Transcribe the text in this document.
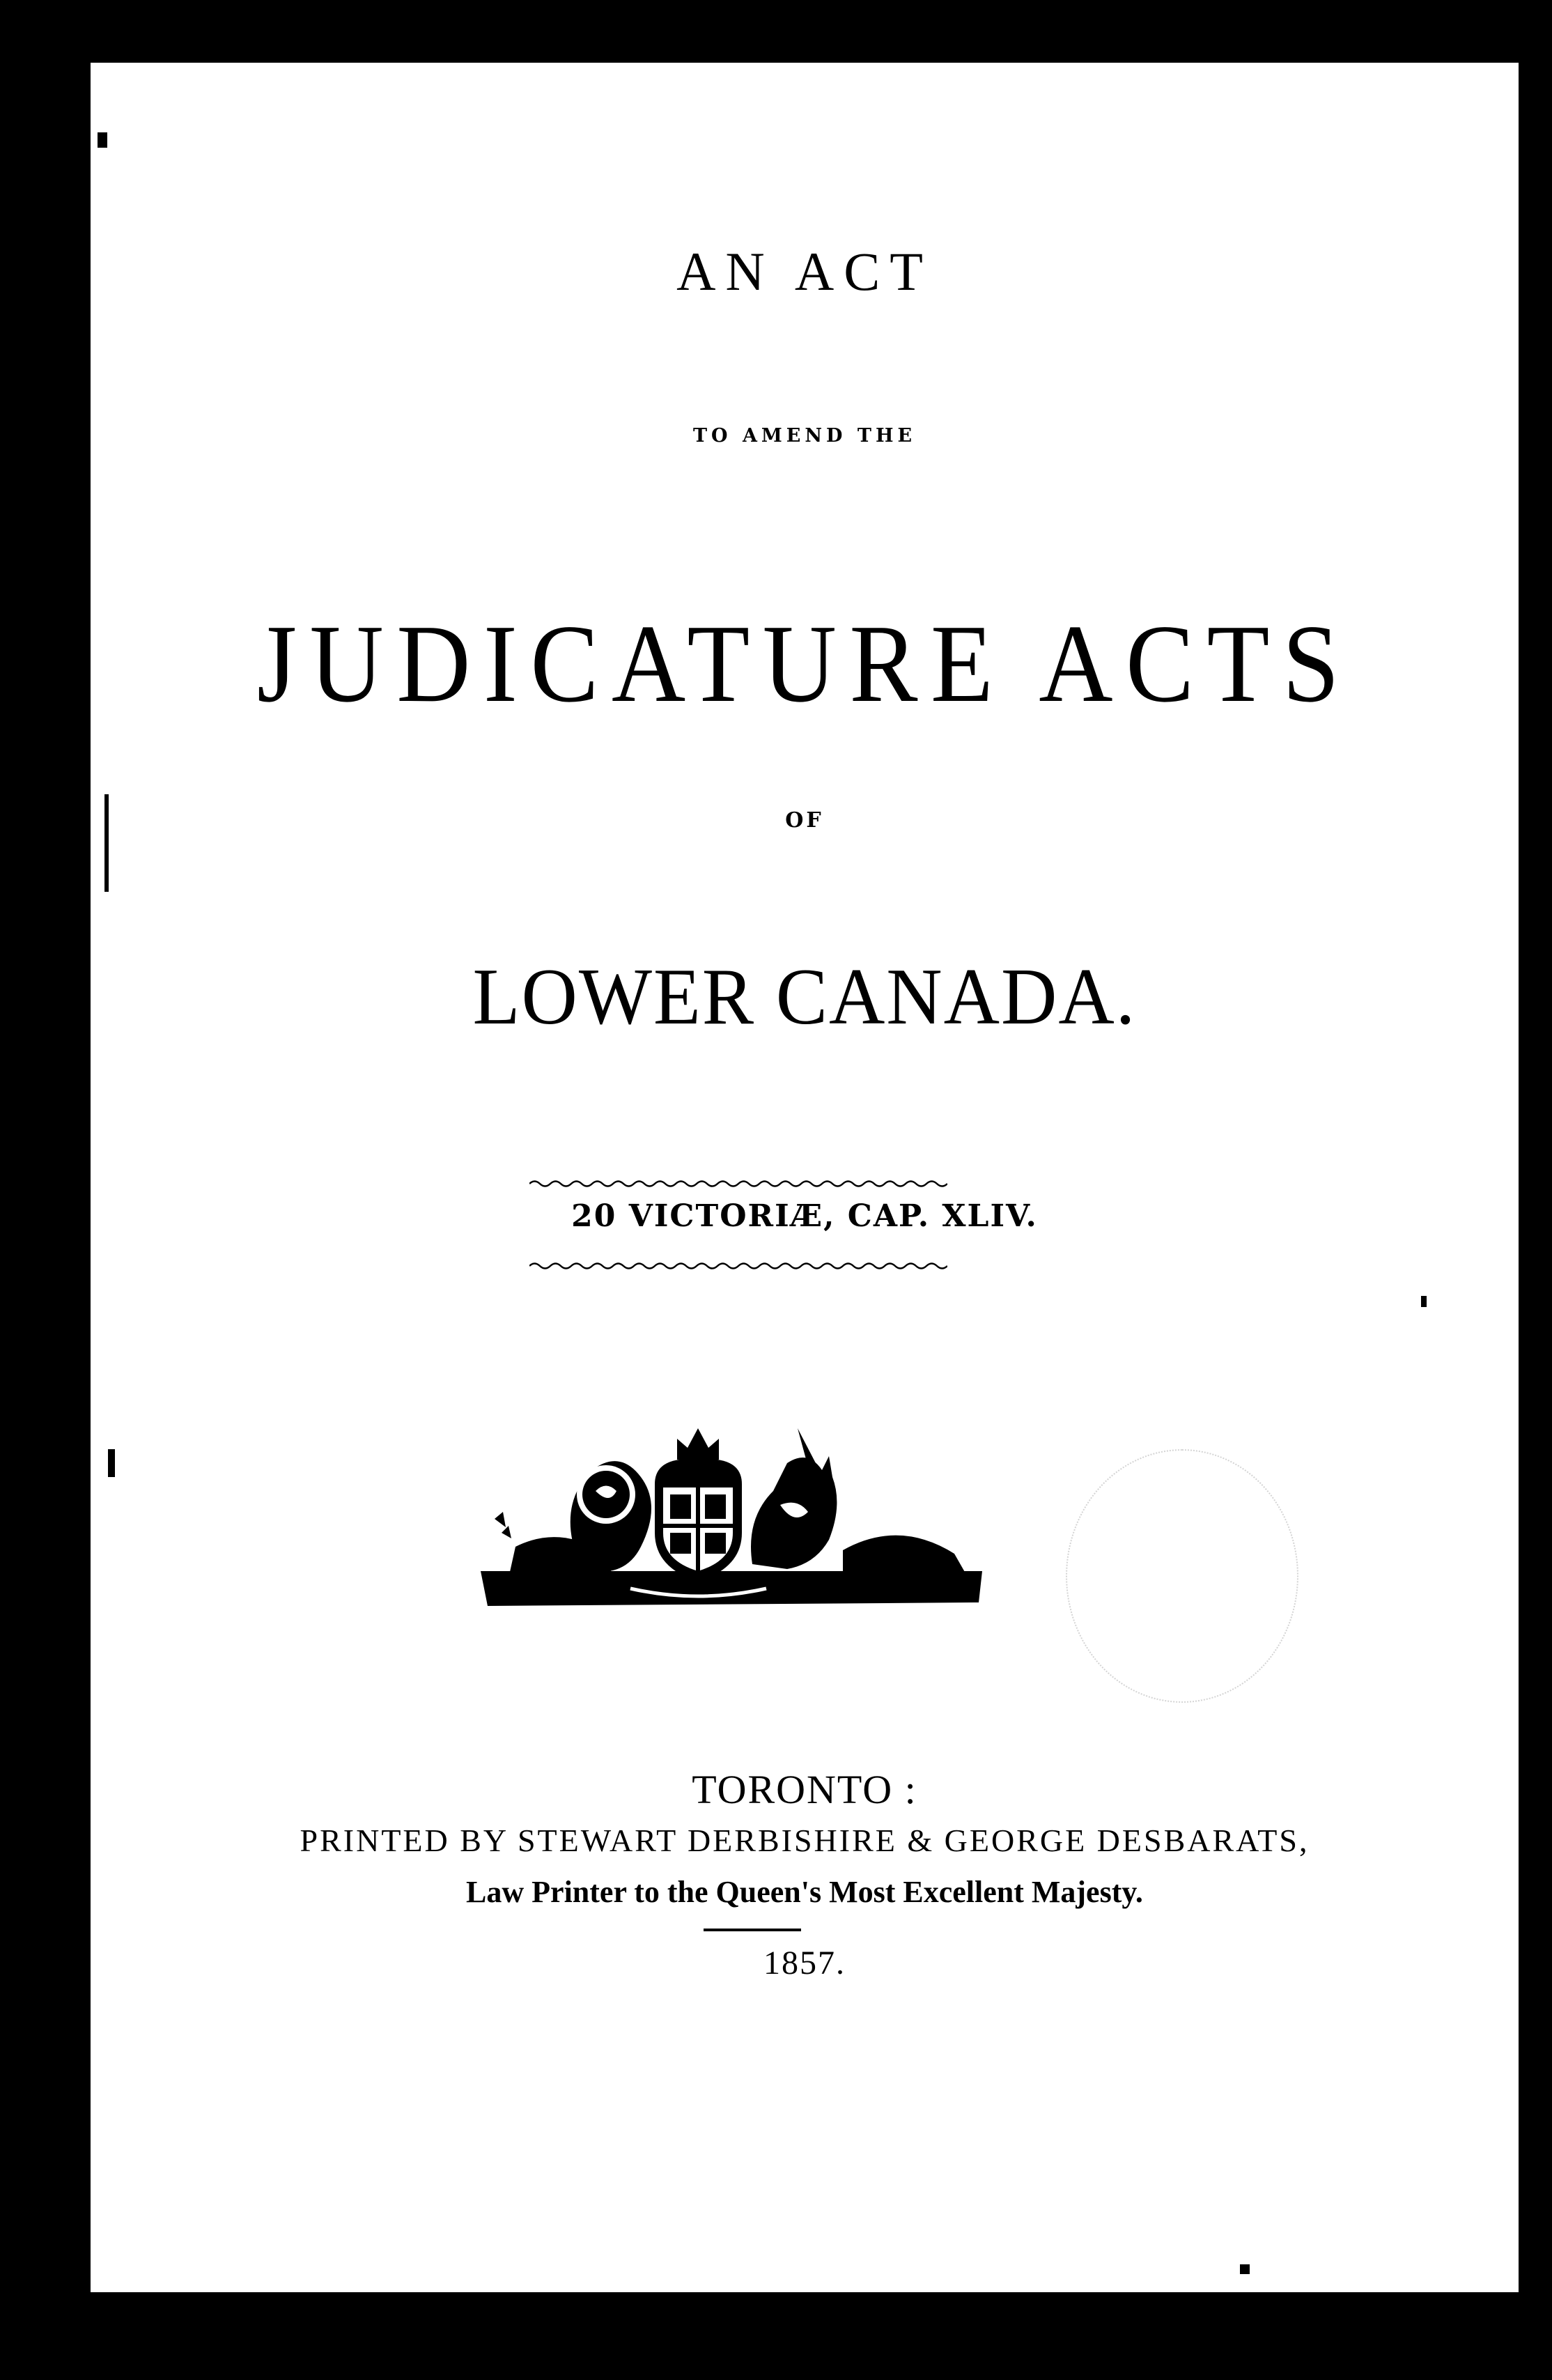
AN ACT
TO AMEND THE
JUDICATURE ACTS
OF
LOWER CANADA.
20 VICTORIÆ, CAP. XLIV.
TORONTO :
PRINTED BY STEWART DERBISHIRE & GEORGE DESBARATS,
Law Printer to the Queen's Most Excellent Majesty.
1857.
